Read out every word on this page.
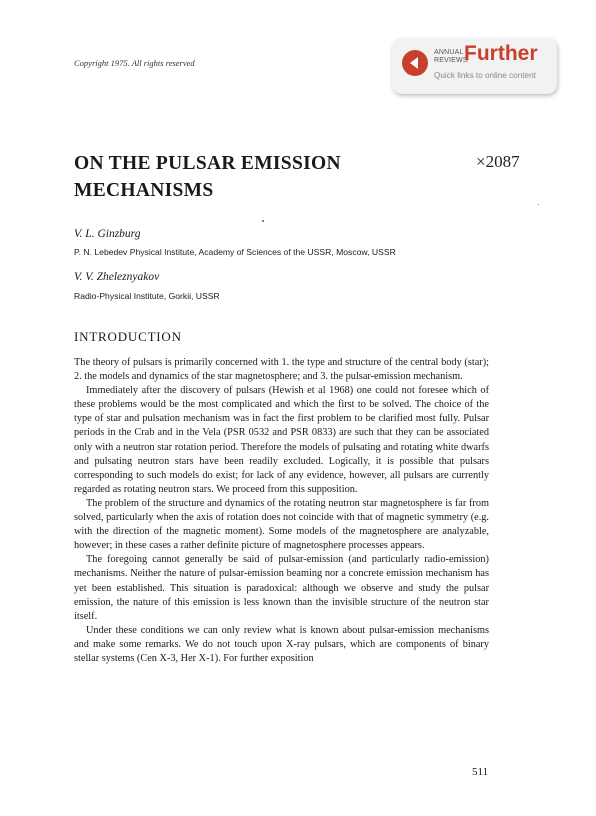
Copyright 1975. All rights reserved
ANNUAL
REVIEWS
Further
Quick links to online content
ON THE PULSAR EMISSION
MECHANISMS
×2087
V. L. Ginzburg
P. N. Lebedev Physical Institute, Academy of Sciences of the USSR, Moscow, USSR
V. V. Zheleznyakov
Radio-Physical Institute, Gorkii, USSR
INTRODUCTION

The theory of pulsars is primarily concerned with 1. the type and structure of the central body (star); 2. the models and dynamics of the star magnetosphere; and 3. the pulsar-emission mechanism.

Immediately after the discovery of pulsars (Hewish et al 1968) one could not foresee which of these problems would be the most complicated and which the first to be solved. The choice of the type of star and pulsation mechanism was in fact the first problem to be clarified most fully. Pulsar periods in the Crab and in the Vela (PSR 0532 and PSR 0833) are such that they can be associated only with a neutron star rotation period. Therefore the models of pulsating and rotating white dwarfs and pulsating neutron stars have been readily excluded. Logically, it is possible that pulsars corresponding to such models do exist; for lack of any evidence, however, all pulsars are currently regarded as rotating neutron stars. We proceed from this supposition.

The problem of the structure and dynamics of the rotating neutron star magnetosphere is far from solved, particularly when the axis of rotation does not coincide with that of magnetic symmetry (e.g. with the direction of the magnetic moment). Some models of the magnetosphere are analyzable, however; in these cases a rather definite picture of magnetosphere processes appears.

The foregoing cannot generally be said of pulsar-emission (and particularly radio-emission) mechanisms. Neither the nature of pulsar-emission beaming nor a concrete emission mechanism has yet been established. This situation is paradoxical: although we observe and study the pulsar emission, the nature of this emission is less known than the invisible structure of the neutron star itself.

Under these conditions we can only review what is known about pulsar-emission mechanisms and make some remarks. We do not touch upon X-ray pulsars, which are components of binary stellar systems (Cen X-3, Her X-1). For further exposition

511
